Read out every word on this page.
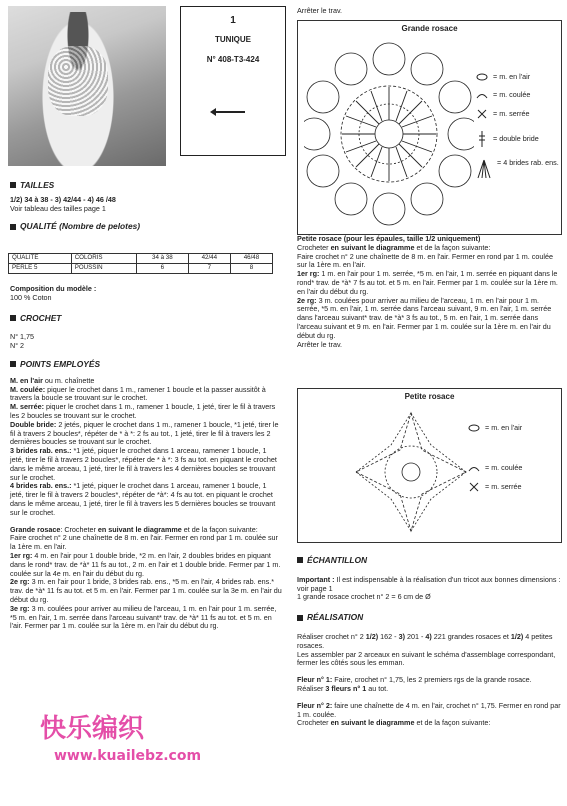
1
TUNIQUE
N° 408-T3-424
TAILLES

1/2) 34 à 38 - 3) 42/44 - 4) 46 /48

Voir tableau des tailles page 1

QUALITÉ (Nombre de pelotes)
QUALITE	COLORIS	34 à 38	42/44	46/48
PERLE 5	POUSSIN	6	7	8

Composition du modèle :

100 % Coton

CROCHET

N° 1,75

N° 2

POINTS EMPLOYÉS

M. en l'air ou m. chaînette

M. coulée: piquer le crochet dans 1 m., ramener 1 boucle et la passer aussitôt à travers la boucle se trouvant sur le crochet.

M. serrée: piquer le crochet dans 1 m., ramener 1 boucle, 1 jeté, tirer le fil à travers les 2 boucles se trouvant sur le crochet.

Double bride: 2 jetés, piquer le crochet dans 1 m., ramener 1 boucle, *1 jeté, tirer le fil à travers 2 boucles*, répéter de * à *: 2 fs au tot., 1 jeté, tirer le fil à travers les 2 dernières boucles se trouvant sur le crochet.

3 brides rab. ens.: *1 jeté, piquer le crochet dans 1 arceau, ramener 1 boucle, 1 jeté, tirer le fil à travers 2 boucles*, répéter de * à *: 3 fs au tot. en piquant le crochet dans le même arceau, 1 jeté, tirer le fil à travers les 4 dernières boucles se trouvant sur le crochet.

4 brides rab. ens.: *1 jeté, piquer le crochet dans 1 arceau, ramener 1 boucle, 1 jeté, tirer le fil à travers 2 boucles*, répéter de *à*: 4 fs au tot. en piquant le crochet dans le même arceau, 1 jeté, tirer le fil à travers les 5 dernières boucles se trouvant sur le crochet.

Grande rosace: Crocheter en suivant le diagramme et de la façon suivante:

Faire crochet n° 2 une chaînette de 8 m. en l'air. Fermer en rond par 1 m. coulée sur la 1ère m. en l'air.

1er rg: 4 m. en l'air pour 1 double bride, *2 m. en l'air, 2 doubles brides en piquant dans le rond* trav. de *à* 11 fs au tot., 2 m. en l'air et 1 double bride. Fermer par 1 m. coulée sur la 4e m. en l'air du début du rg.

2e rg: 3 m. en l'air pour 1 bride, 3 brides rab. ens., *5 m. en l'air, 4 brides rab. ens.* trav. de *à* 11 fs au tot. et 5 m. en l'air. Fermer par 1 m. coulée sur la 3e m. en l'air du début du rg.

3e rg: 3 m. coulées pour arriver au milieu de l'arceau, 1 m. en l'air pour 1 m. serrée, *5 m. en l'air, 1 m. serrée dans l'arceau suivant* trav. de *à* 11 fs au tot. et 5 m. en l'air. Fermer par 1 m. coulée sur la 1ère m. en l'air du début du rg.

Arrêter le trav.

Grande rosace
= m. en l'air
= m. coulée
= m. serrée
= double bride
= 4 brides rab. ens.

Petite rosace (pour les épaules, taille 1/2 uniquement)

Crocheter en suivant le diagramme et de la façon suivante:

Faire crochet n° 2 une chaînette de 8 m. en l'air. Fermer en rond par 1 m. coulée sur la 1ère m. en l'air.

1er rg: 1 m. en l'air pour 1 m. serrée, *5 m. en l'air, 1 m. serrée en piquant dans le rond* trav. de *à* 7 fs au tot. et 5 m. en l'air. Fermer par 1 m. coulée sur la 1ère m. en l'air du début du rg.

2e rg: 3 m. coulées pour arriver au milieu de l'arceau, 1 m. en l'air pour 1 m. serrée, *5 m. en l'air, 1 m. serrée dans l'arceau suivant, 9 m. en l'air, 1 m. serrée dans l'arceau suivant* trav. de *à* 3 fs au tot., 5 m. en l'air, 1 m. serrée dans l'arceau suivant et 9 m. en l'air. Fermer par 1 m. coulée sur la 1ère m. en l'air du début du rg.

Arrêter le trav.

Petite rosace
= m. en l'air
= m. coulée
= m. serrée
ÉCHANTILLON

Important : Il est indispensable à la réalisation d'un tricot aux bonnes dimensions : voir page 1

1 grande rosace crochet n° 2 = 6 cm de Ø

RÉALISATION

Réaliser crochet n° 2 1/2) 162 - 3) 201 - 4) 221 grandes rosaces et 1/2) 4 petites rosaces.

Les assembler par 2 arceaux en suivant le schéma d'assemblage correspondant, fermer les côtés sous les emman.

Fleur n° 1: Faire, crochet n° 1,75, les 2 premiers rgs de la grande rosace.

Réaliser 3 fleurs n° 1 au tot.

Fleur n° 2: faire une chaînette de 4 m. en l'air, crochet n° 1,75. Fermer en rond par 1 m. coulée.

Crocheter en suivant le diagramme et de la façon suivante:

快乐编织
www.kuailebz.com
